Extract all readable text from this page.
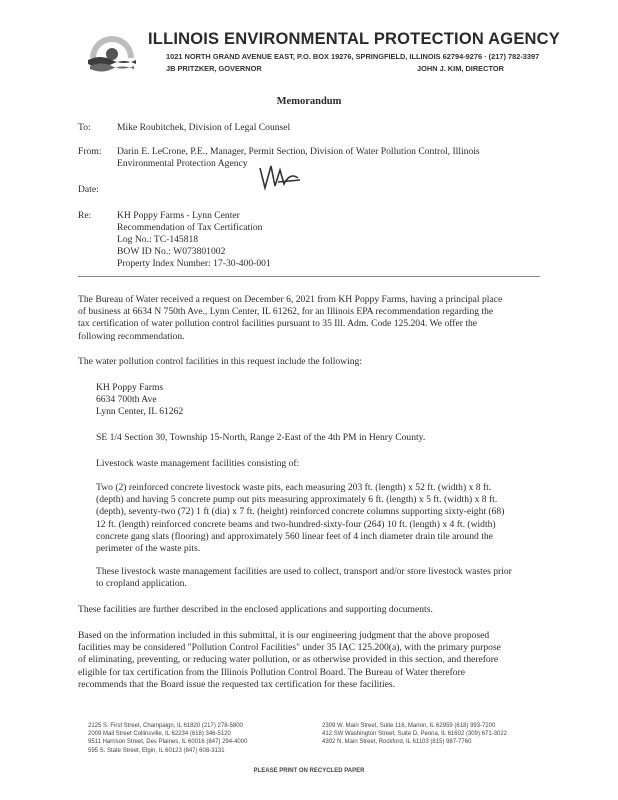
ILLINOIS ENVIRONMENTAL PROTECTION AGENCY
1021 NORTH GRAND AVENUE EAST, P.O. BOX 19276, SPRINGFIELD, ILLINOIS 62794-9276 · (217) 782-3397
JB PRITZKER, GOVERNOR	JOHN J. KIM, DIRECTOR
Memorandum
To:	Mike Roubitchek, Division of Legal Counsel
From: Darin E. LeCrone, P.E., Manager, Permit Section, Division of Water Pollution Control, Illinois
Environmental Protection Agency
Date:
Re:	KH Poppy Farms - Lynn Center
Recommendation of Tax Certification
Log No.: TC-145818
BOW ID No.: W073801002
Property Index Number: 17-30-400-001
The Bureau of Water received a request on December 6, 2021 from KH Poppy Farms, having a principal place
of business at 6634 N 750th Ave., Lynn Center, IL 61262, for an Illinois EPA recommendation regarding the
tax certification of water pollution control facilities pursuant to 35 Ill. Adm. Code 125.204. We offer the
following recommendation.
The water pollution control facilities in this request include the following:
KH Poppy Farms
6634 700th Ave
Lynn Center, IL 61262
SE 1/4 Section 30, Township 15-North, Range 2-East of the 4th PM in Henry County.
Livestock waste management facilities consisting of:
Two (2) reinforced concrete livestock waste pits, each measuring 203 ft. (length) x 52 ft. (width) x 8 ft.
(depth) and having 5 concrete pump out pits measuring approximately 6 ft. (length) x 5 ft. (width) x 8 ft.
(depth), seventy-two (72) 1 ft (dia) x 7 ft. (height) reinforced concrete columns supporting sixty-eight (68)
12 ft. (length) reinforced concrete beams and two-hundred-sixty-four (264) 10 ft. (length) x 4 ft. (width)
concrete gang slats (flooring) and approximately 560 linear feet of 4 inch diameter drain tile around the
perimeter of the waste pits.
These livestock waste management facilities are used to collect, transport and/or store livestock wastes prior
to cropland application.
These facilities are further described in the enclosed applications and supporting documents.
Based on the information included in this submittal, it is our engineering judgment that the above proposed
facilities may be considered "Pollution Control Facilities" under 35 IAC 125.200(a), with the primary purpose
of eliminating, preventing, or reducing water pollution, or as otherwise provided in this section, and therefore
eligible for tax certification from the Illinois Pollution Control Board. The Bureau of Water therefore
recommends that the Board issue the requested tax certification for these facilities.
2125 S. First Street, Champaign, IL 61820 (217) 278-5800
2009 Mall Street Collinsville, IL 62234 (618) 346-5120
9511 Harrison Street, Des Plaines, IL 60016 (847) 294-4000
595 S. State Street, Elgin, IL 60123 (847) 608-3131
2309 W. Main Street, Suite 116, Marion, IL 62959 (618) 993-7200
412 SW Washington Street, Suite D, Peoria, IL 61602 (309) 671-3022
4302 N. Main Street, Rockford, IL 61103 (815) 987-7760
PLEASE PRINT ON RECYCLED PAPER
